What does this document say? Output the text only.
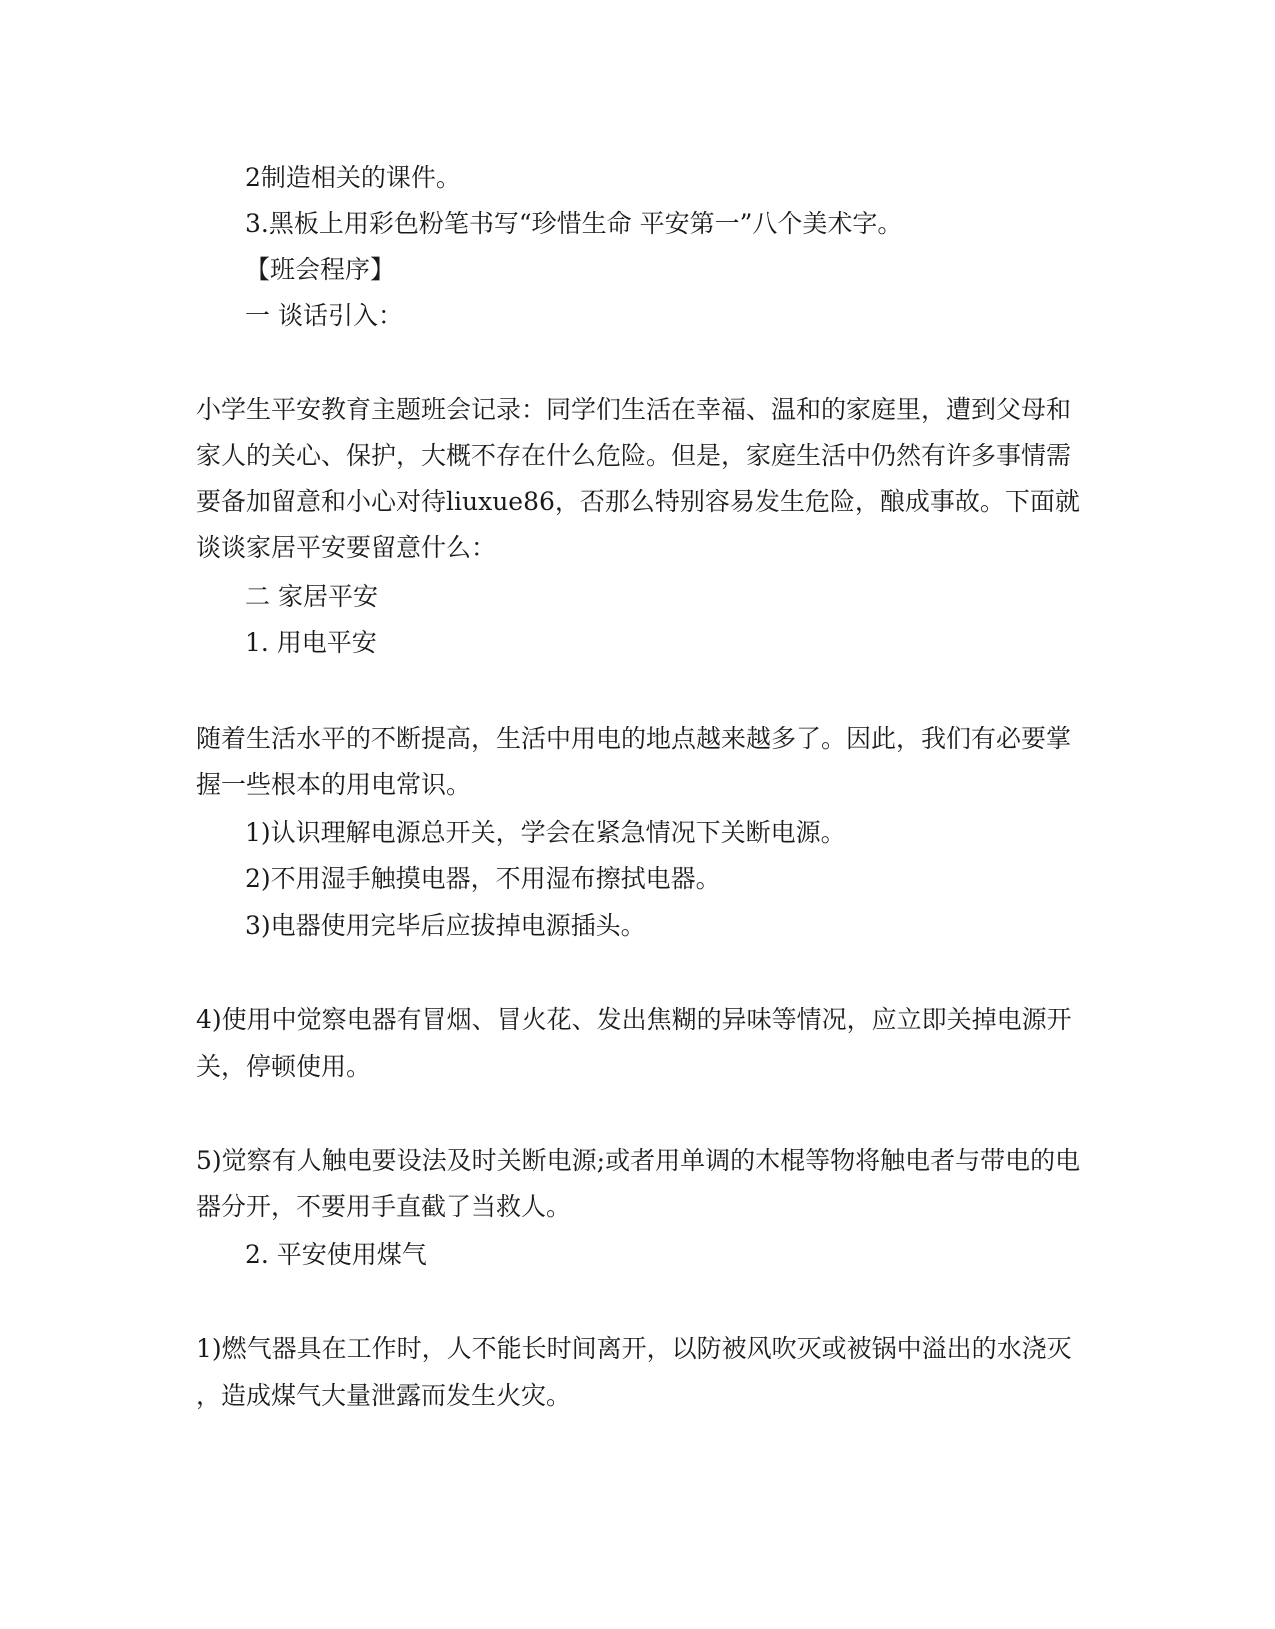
2制造相关的课件。

3.黑板上用彩色粉笔书写“珍惜生命 平安第一”八个美术字。

【班会程序】

一 谈话引入：

小学生平安教育主题班会记录：同学们生活在幸福、温和的家庭里，遭到父母和

家人的关心、保护，大概不存在什么危险。但是，家庭生活中仍然有许多事情需

要备加留意和小心对待liuxue86，否那么特别容易发生危险，酿成事故。下面就

谈谈家居平安要留意什么：

二 家居平安

1. 用电平安

随着生活水平的不断提高，生活中用电的地点越来越多了。因此，我们有必要掌

握一些根本的用电常识。

1)认识理解电源总开关，学会在紧急情况下关断电源。

2)不用湿手触摸电器，不用湿布擦拭电器。

3)电器使用完毕后应拔掉电源插头。

4)使用中觉察电器有冒烟、冒火花、发出焦糊的异味等情况，应立即关掉电源开

关，停顿使用。

5)觉察有人触电要设法及时关断电源;或者用单调的木棍等物将触电者与带电的电

器分开，不要用手直截了当救人。

2. 平安使用煤气

1)燃气器具在工作时，人不能长时间离开，以防被风吹灭或被锅中溢出的水浇灭

，造成煤气大量泄露而发生火灾。
